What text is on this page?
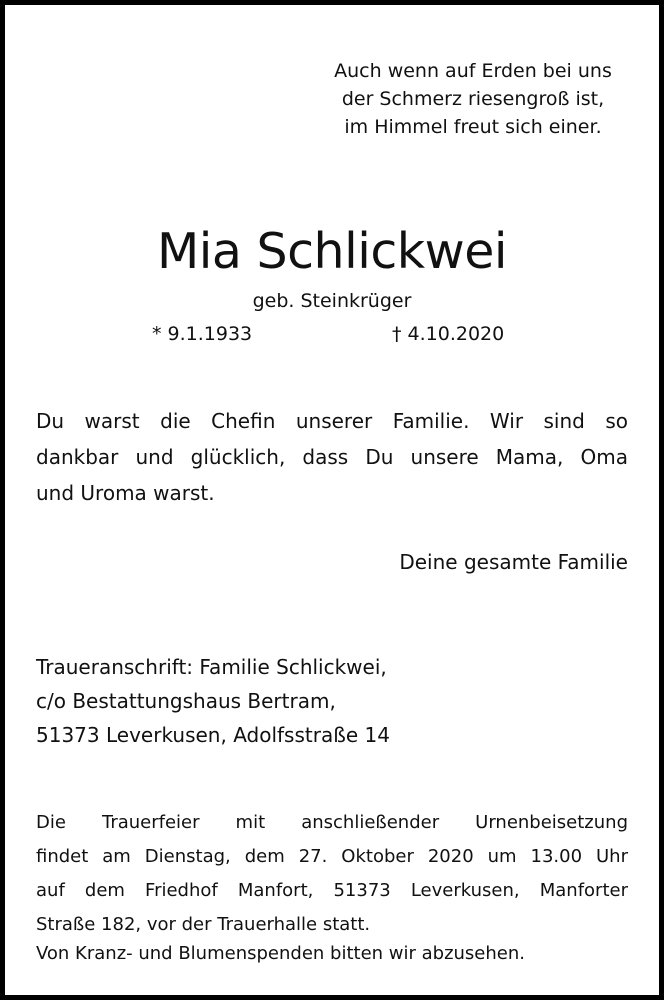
Auch wenn auf Erden bei uns
der Schmerz riesengroß ist,
im Himmel freut sich einer.
Mia Schlickwei
geb. Steinkrüger
* 9.1.1933	† 4.10.2020
Du warst die Chefin unserer Familie. Wir sind so
dankbar und glücklich, dass Du unsere Mama, Oma
und Uroma warst.
Deine gesamte Familie
Traueranschrift: Familie Schlickwei,
c/o Bestattungshaus Bertram,
51373 Leverkusen, Adolfsstraße 14
Die Trauerfeier mit anschließender Urnenbeisetzung
findet am Dienstag, dem 27. Oktober 2020 um 13.00 Uhr
auf dem Friedhof Manfort, 51373 Leverkusen, Manforter
Straße 182, vor der Trauerhalle statt.
Von Kranz- und Blumenspenden bitten wir abzusehen.
